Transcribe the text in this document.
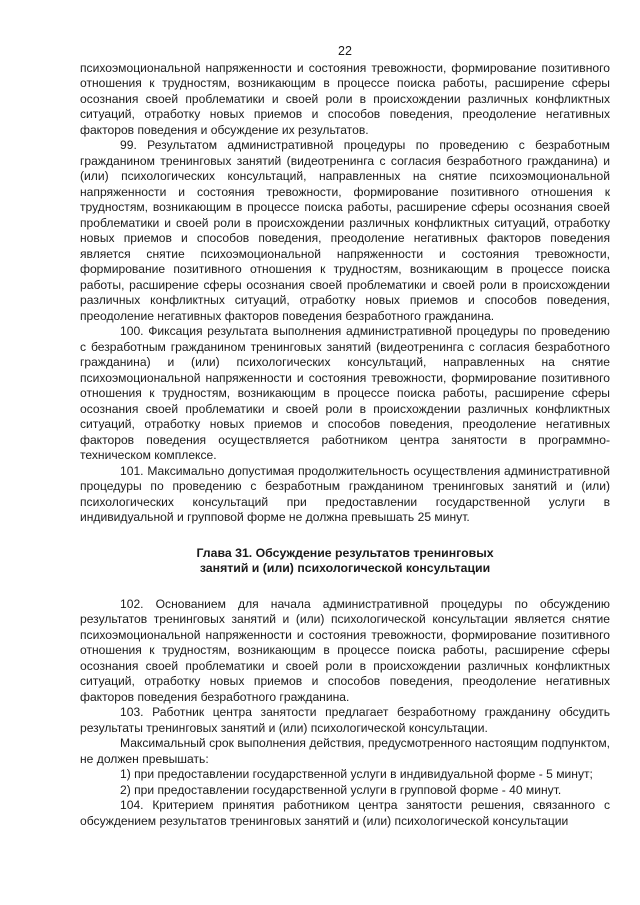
22

психоэмоциональной напряженности и состояния тревожности, формирование позитивного отношения к трудностям, возникающим в процессе поиска работы, расширение сферы осознания своей проблематики и своей роли в происхождении различных конфликтных ситуаций, отработку новых приемов и способов поведения, преодоление негативных факторов поведения и обсуждение их результатов.

99. Результатом административной процедуры по проведению с безработным гражданином тренинговых занятий (видеотренинга с согласия безработного гражданина) и (или) психологических консультаций, направленных на снятие психоэмоциональной напряженности и состояния тревожности, формирование позитивного отношения к трудностям, возникающим в процессе поиска работы, расширение сферы осознания своей проблематики и своей роли в происхождении различных конфликтных ситуаций, отработку новых приемов и способов поведения, преодоление негативных факторов поведения является снятие психоэмоциональной напряженности и состояния тревожности, формирование позитивного отношения к трудностям, возникающим в процессе поиска работы, расширение сферы осознания своей проблематики и своей роли в происхождении различных конфликтных ситуаций, отработку новых приемов и способов поведения, преодоление негативных факторов поведения безработного гражданина.

100. Фиксация результата выполнения административной процедуры по проведению с безработным гражданином тренинговых занятий (видеотренинга с согласия безработного гражданина) и (или) психологических консультаций, направленных на снятие психоэмоциональной напряженности и состояния тревожности, формирование позитивного отношения к трудностям, возникающим в процессе поиска работы, расширение сферы осознания своей проблематики и своей роли в происхождении различных конфликтных ситуаций, отработку новых приемов и способов поведения, преодоление негативных факторов поведения осуществляется работником центра занятости в программно-техническом комплексе.

101. Максимально допустимая продолжительность осуществления административной процедуры по проведению с безработным гражданином тренинговых занятий и (или) психологических консультаций при предоставлении государственной услуги в индивидуальной и групповой форме не должна превышать 25 минут.

Глава 31. Обсуждение результатов тренинговых
занятий и (или) психологической консультации

102. Основанием для начала административной процедуры по обсуждению результатов тренинговых занятий и (или) психологической консультации является снятие психоэмоциональной напряженности и состояния тревожности, формирование позитивного отношения к трудностям, возникающим в процессе поиска работы, расширение сферы осознания своей проблематики и своей роли в происхождении различных конфликтных ситуаций, отработку новых приемов и способов поведения, преодоление негативных факторов поведения безработного гражданина.

103. Работник центра занятости предлагает безработному гражданину обсудить результаты тренинговых занятий и (или) психологической консультации.

Максимальный срок выполнения действия, предусмотренного настоящим подпунктом, не должен превышать:

1) при предоставлении государственной услуги в индивидуальной форме - 5 минут;

2) при предоставлении государственной услуги в групповой форме - 40 минут.

104. Критерием принятия работником центра занятости решения, связанного с обсуждением результатов тренинговых занятий и (или) психологической консультации
